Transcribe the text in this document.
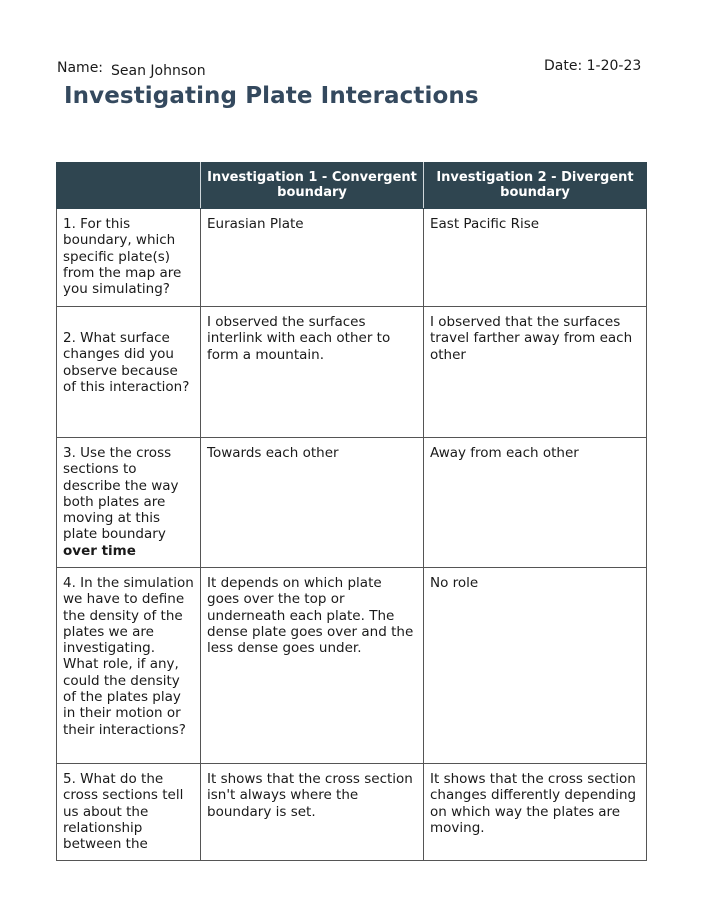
Name: Sean Johnson	Date: 1-20-23
Investigating Plate Interactions
	Investigation 1 - Convergent boundary	Investigation 2 - Divergent boundary
1. For this boundary, which specific plate(s) from the map are you simulating?	Eurasian Plate	East Pacific Rise
2. What surface changes did you observe because of this interaction?	I observed the surfaces interlink with each other to form a mountain.	I observed that the surfaces travel farther away from each other
3. Use the cross sections to describe the way both plates are moving at this plate boundary over time	Towards each other	Away from each other
4. In the simulation we have to define the density of the plates we are investigating. What role, if any, could the density of the plates play in their motion or their interactions?	It depends on which plate goes over the top or underneath each plate. The dense plate goes over and the less dense goes under.	No role
5. What do the cross sections tell us about the relationship between the	It shows that the cross section isn't always where the boundary is set.	It shows that the cross section changes differently depending on which way the plates are moving.
